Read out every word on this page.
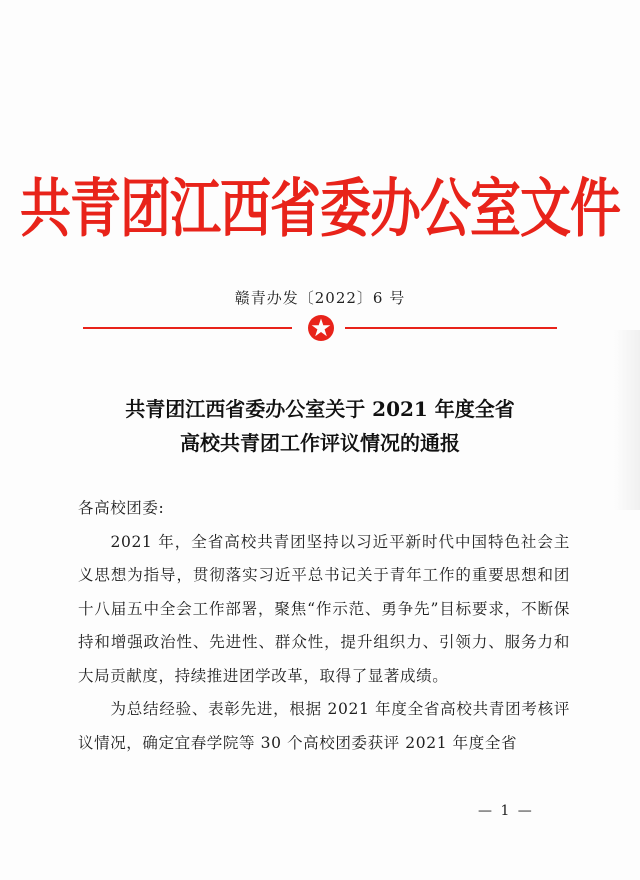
共青团江西省委办公室文件
赣青办发〔2022〕6 号
共青团江西省委办公室关于 2021 年度全省
高校共青团工作评议情况的通报

各高校团委:

2021 年，全省高校共青团坚持以习近平新时代中国特色社会主义思想为指导，贯彻落实习近平总书记关于青年工作的重要思想和团十八届五中全会工作部署，聚焦“作示范、勇争先”目标要求，不断保持和增强政治性、先进性、群众性，提升组织力、引领力、服务力和大局贡献度，持续推进团学改革，取得了显著成绩。

为总结经验、表彰先进，根据 2021 年度全省高校共青团考核评议情况，确定宜春学院等 30 个高校团委获评 2021 年度全省

— 1 —
